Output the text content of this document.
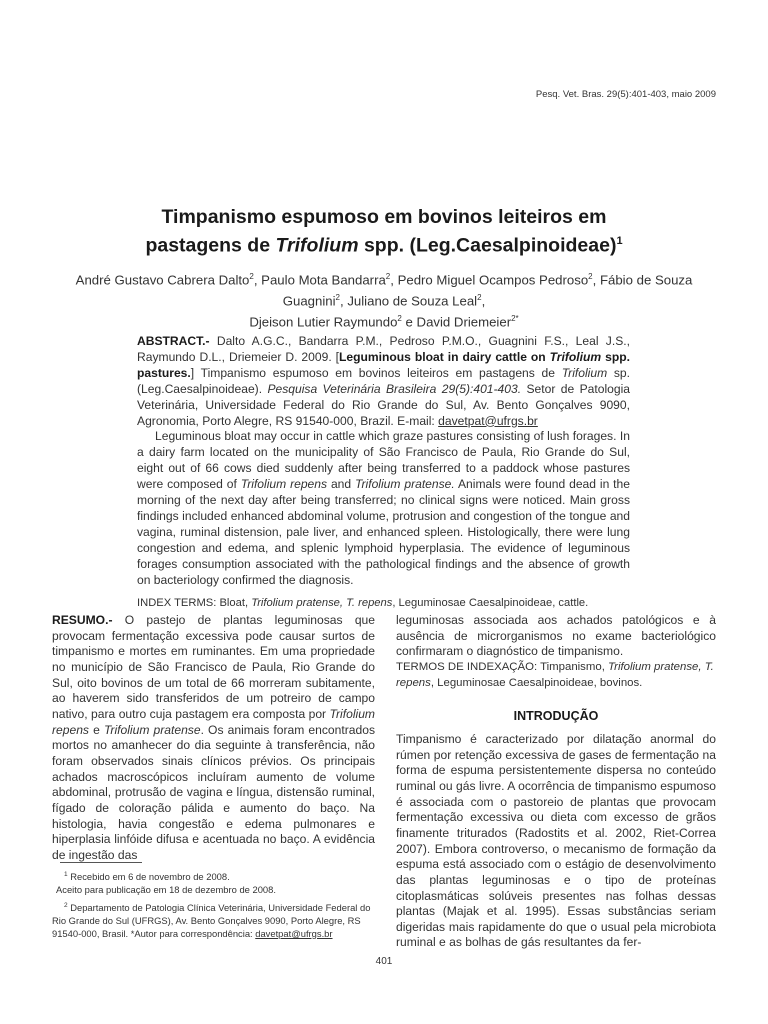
Pesq. Vet. Bras. 29(5):401-403, maio 2009
Timpanismo espumoso em bovinos leiteiros em
pastagens de Trifolium spp. (Leg.Caesalpinoideae)$^1$
André Gustavo Cabrera Dalto$^2$, Paulo Mota Bandarra$^2$, Pedro Miguel Ocampos Pedroso$^2$, Fábio de Souza Guagnini$^2$, Juliano de Souza Leal$^2$,
Djeison Lutier Raymundo$^2$ e David Driemeier$^{2*}$

ABSTRACT.- Dalto A.G.C., Bandarra P.M., Pedroso P.M.O., Guagnini F.S., Leal J.S., Raymundo D.L., Driemeier D. 2009. [Leguminous bloat in dairy cattle on Trifolium spp. pastures.] Timpanismo espumoso em bovinos leiteiros em pastagens de Trifolium sp. (Leg.Caesalpinoideae). Pesquisa Veterinária Brasileira 29(5):401-403. Setor de Patologia Veterinária, Universidade Federal do Rio Grande do Sul, Av. Bento Gonçalves 9090, Agronomia, Porto Alegre, RS 91540-000, Brazil. E-mail: davetpat@ufrgs.br

Leguminous bloat may occur in cattle which graze pastures consisting of lush forages. In a dairy farm located on the municipality of São Francisco de Paula, Rio Grande do Sul, eight out of 66 cows died suddenly after being transferred to a paddock whose pastures were composed of Trifolium repens and Trifolium pratense. Animals were found dead in the morning of the next day after being transferred; no clinical signs were noticed. Main gross findings included enhanced abdominal volume, protrusion and congestion of the tongue and vagina, ruminal distension, pale liver, and enhanced spleen. Histologically, there were lung congestion and edema, and splenic lymphoid hyperplasia. The evidence of leguminous forages consumption associated with the pathological findings and the absence of growth on bacteriology confirmed the diagnosis.

INDEX TERMS: Bloat, Trifolium pratense, T. repens, Leguminosae Caesalpinoideae, cattle.

RESUMO.- O pastejo de plantas leguminosas que provocam fermentação excessiva pode causar surtos de timpanismo e mortes em ruminantes. Em uma propriedade no município de São Francisco de Paula, Rio Grande do Sul, oito bovinos de um total de 66 morreram subitamente, ao haverem sido transferidos de um potreiro de campo nativo, para outro cuja pastagem era composta por Trifolium repens e Trifolium pratense. Os animais foram encontrados mortos no amanhecer do dia seguinte à transferência, não foram observados sinais clínicos prévios. Os principais achados macroscópicos incluíram aumento de volume abdominal, protrusão de vagina e língua, distensão ruminal, fígado de coloração pálida e aumento do baço. Na histologia, havia congestão e edema pulmonares e hiperplasia linfóide difusa e acentuada no baço. A evidência de ingestão das

leguminosas associada aos achados patológicos e à ausência de microrganismos no exame bacteriológico confirmaram o diagnóstico de timpanismo.

TERMOS DE INDEXAÇÃO: Timpanismo, Trifolium pratense, T. repens, Leguminosae Caesalpinoideae, bovinos.

INTRODUÇÃO

Timpanismo é caracterizado por dilatação anormal do rúmen por retenção excessiva de gases de fermentação na forma de espuma persistentemente dispersa no conteúdo ruminal ou gás livre. A ocorrência de timpanismo espumoso é associada com o pastoreio de plantas que provocam fermentação excessiva ou dieta com excesso de grãos finamente triturados (Radostits et al. 2002, Riet-Correa 2007). Embora controverso, o mecanismo de formação da espuma está associado com o estágio de desenvolvimento das plantas leguminosas e o tipo de proteínas citoplasmáticas solúveis presentes nas folhas dessas plantas (Majak et al. 1995). Essas substâncias seriam digeridas mais rapidamente do que o usual pela microbiota ruminal e as bolhas de gás resultantes da fer-

$^1$ Recebido em 6 de novembro de 2008.
Aceito para publicação em 18 de dezembro de 2008.

$^2$ Departamento de Patologia Clínica Veterinária, Universidade Federal do Rio Grande do Sul (UFRGS), Av. Bento Gonçalves 9090, Porto Alegre, RS 91540-000, Brasil. *Autor para correspondência: davetpat@ufrgs.br

401
